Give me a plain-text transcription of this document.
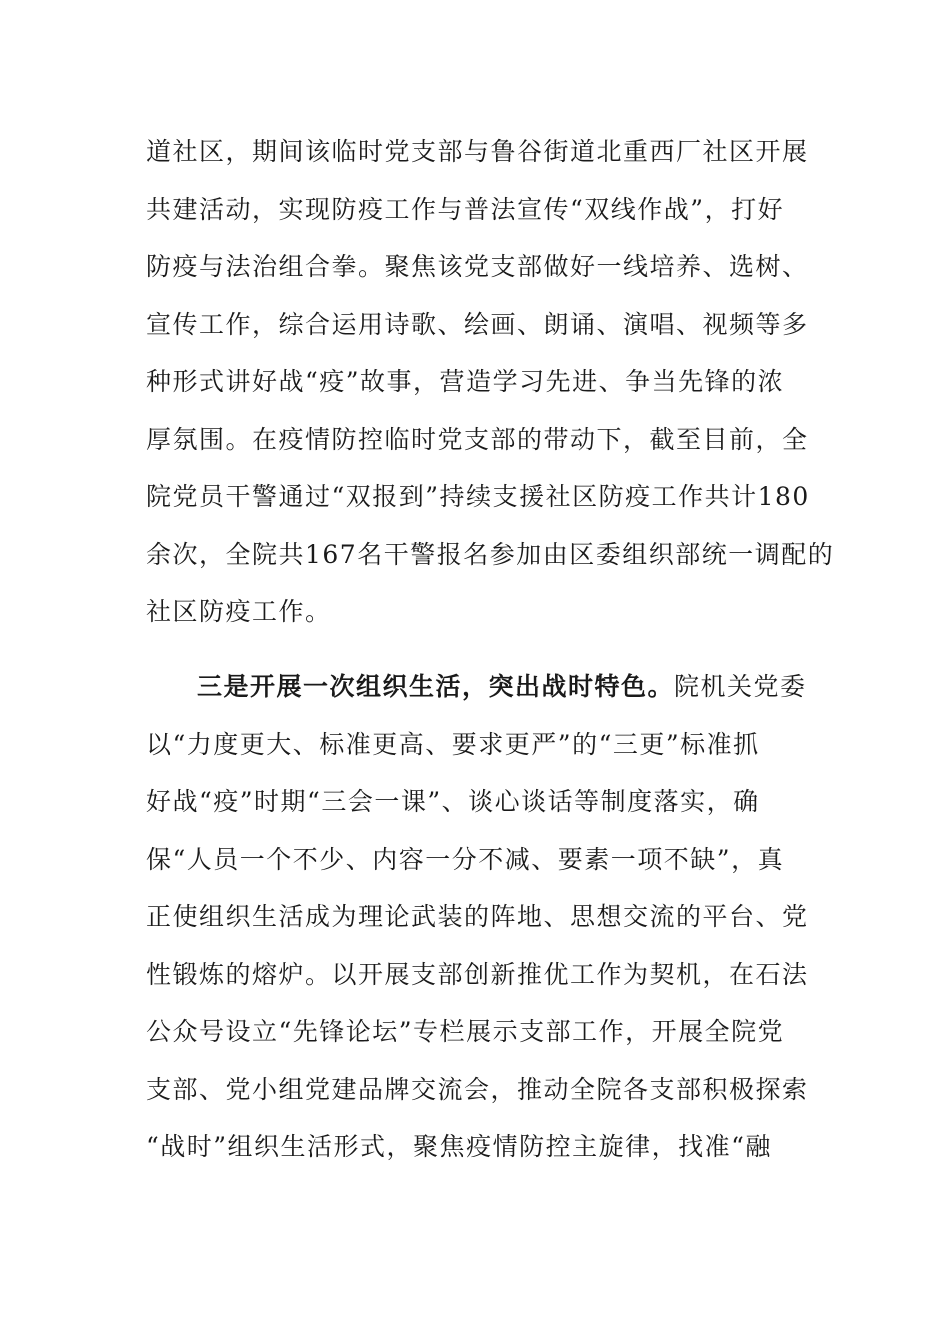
道社区，期间该临时党支部与鲁谷街道北重西厂社区开展
共建活动，实现防疫工作与普法宣传“双线作战”，打好
防疫与法治组合拳。聚焦该党支部做好一线培养、选树、
宣传工作，综合运用诗歌、绘画、朗诵、演唱、视频等多
种形式讲好战“疫”故事，营造学习先进、争当先锋的浓
厚氛围。在疫情防控临时党支部的带动下，截至目前，全
院党员干警通过“双报到”持续支援社区防疫工作共计180
余次，全院共167名干警报名参加由区委组织部统一调配的
社区防疫工作。
三是开展一次组织生活，突出战时特色。院机关党委
以“力度更大、标准更高、要求更严”的“三更”标准抓
好战“疫”时期“三会一课”、谈心谈话等制度落实，确
保“人员一个不少、内容一分不减、要素一项不缺”，真
正使组织生活成为理论武装的阵地、思想交流的平台、党
性锻炼的熔炉。以开展支部创新推优工作为契机，在石法
公众号设立“先锋论坛”专栏展示支部工作，开展全院党
支部、党小组党建品牌交流会，推动全院各支部积极探索
“战时”组织生活形式，聚焦疫情防控主旋律，找准“融
